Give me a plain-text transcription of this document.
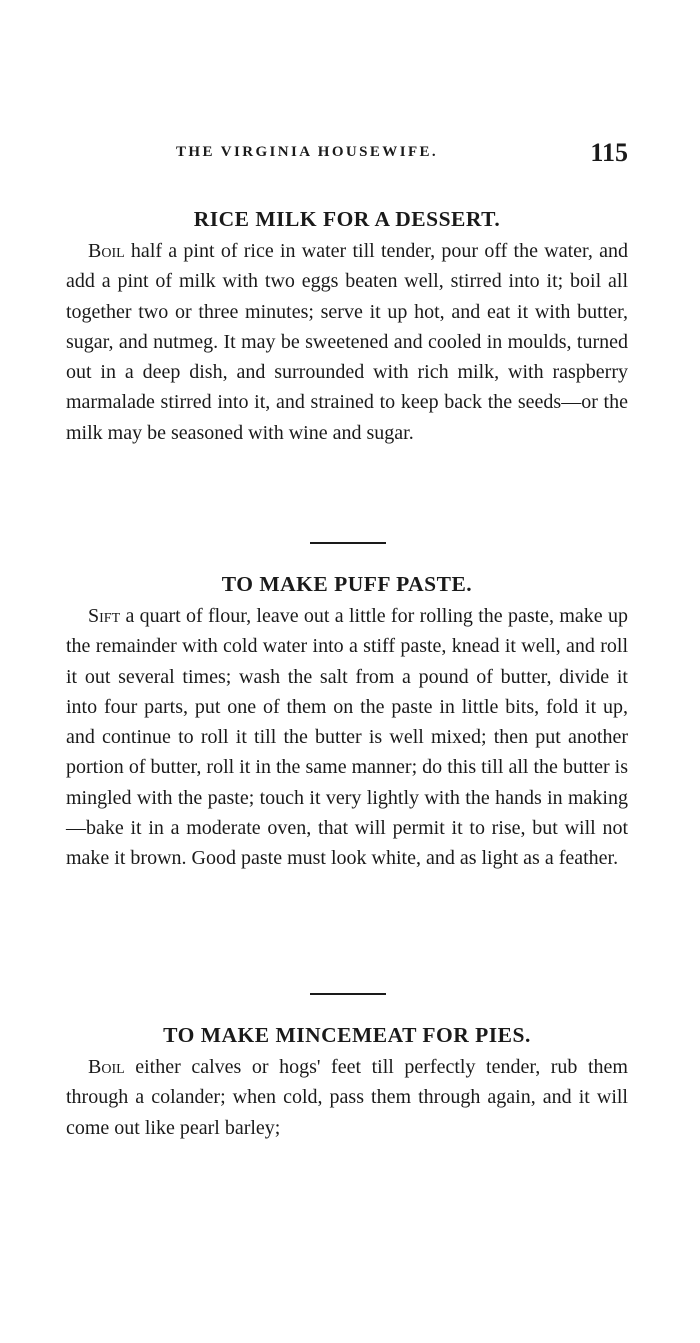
THE VIRGINIA HOUSEWIFE.	115
RICE MILK FOR A DESSERT.

Boil half a pint of rice in water till tender, pour off the water, and add a pint of milk with two eggs beaten well, stirred into it; boil all together two or three minutes; serve it up hot, and eat it with butter, sugar, and nutmeg. It may be sweetened and cooled in moulds, turned out in a deep dish, and surrounded with rich milk, with raspberry marmalade stirred into it, and strained to keep back the seeds—or the milk may be seasoned with wine and sugar.

TO MAKE PUFF PASTE.

Sift a quart of flour, leave out a little for rolling the paste, make up the remainder with cold water into a stiff paste, knead it well, and roll it out several times; wash the salt from a pound of butter, divide it into four parts, put one of them on the paste in little bits, fold it up, and continue to roll it till the butter is well mixed; then put another portion of butter, roll it in the same manner; do this till all the butter is mingled with the paste; touch it very lightly with the hands in making—bake it in a moderate oven, that will permit it to rise, but will not make it brown. Good paste must look white, and as light as a feather.

TO MAKE MINCEMEAT FOR PIES.

Boil either calves or hogs' feet till perfectly tender, rub them through a colander; when cold, pass them through again, and it will come out like pearl barley;
